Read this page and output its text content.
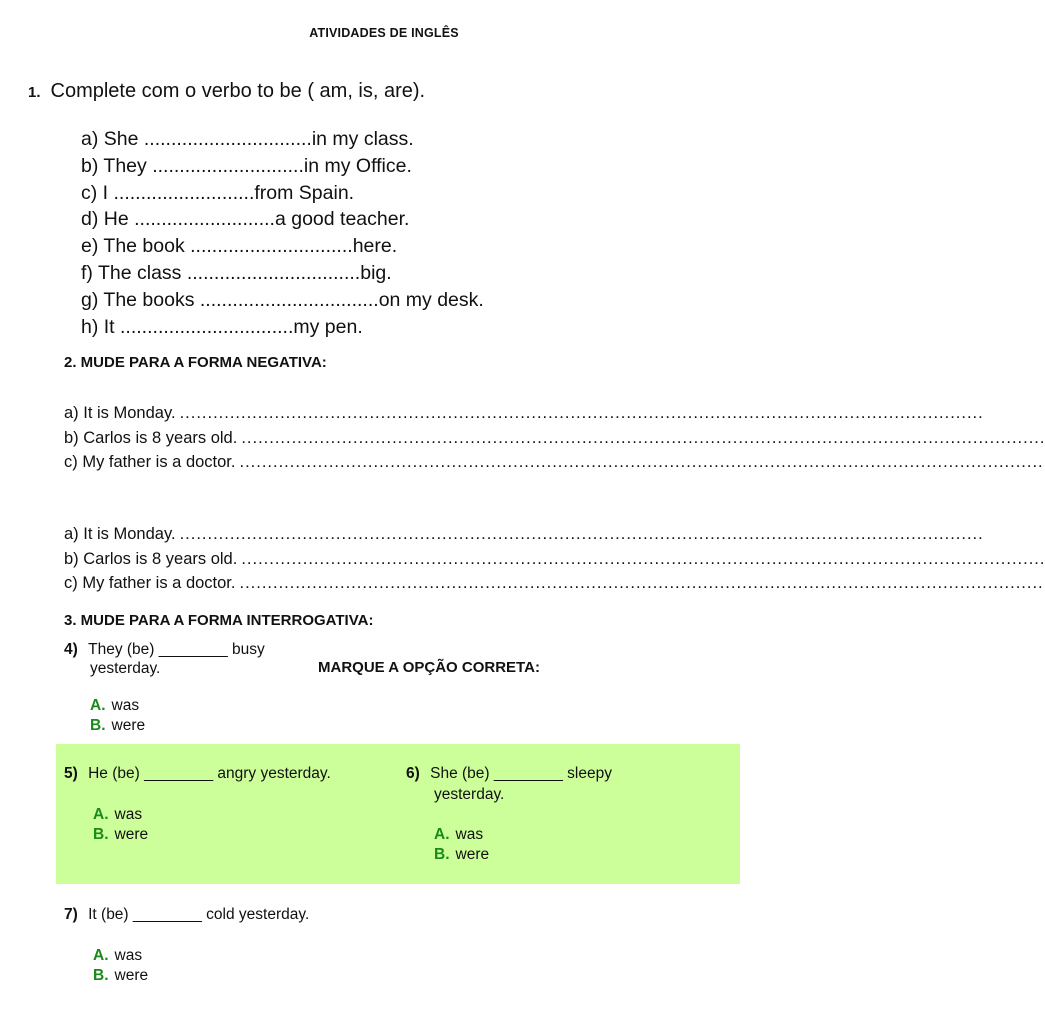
ATIVIDADES DE INGLÊS
1. Complete com o verbo to be ( am, is, are).
a) She ...............................in my class.
b) They ............................in my Office.
c) I ..........................from Spain.
d) He ..........................a good teacher.
e) The book ..............................here.
f) The class ................................big.
g) The books .................................on my desk.
h) It ................................my pen.
2. MUDE PARA A FORMA NEGATIVA:
a) It is Monday. ................................................................................................................................................
b) Carlos is 8 years old. ................................................................................................................................................
c) My father is a doctor. ................................................................................................................................................
a) It is Monday. ................................................................................................................................................
b) Carlos is 8 years old. ................................................................................................................................................
c) My father is a doctor. ................................................................................................................................................
3. MUDE PARA A FORMA INTERROGATIVA:
4) They (be) ________ busy
yesterday.	MARQUE A OPÇÃO CORRETA:
A. was
B. were
5) He (be) ________ angry yesterday.
A. was
B. were
6) She (be) ________ sleepy
yesterday.
A. was
B. were
7) It (be) ________ cold yesterday.
A. was
B. were
